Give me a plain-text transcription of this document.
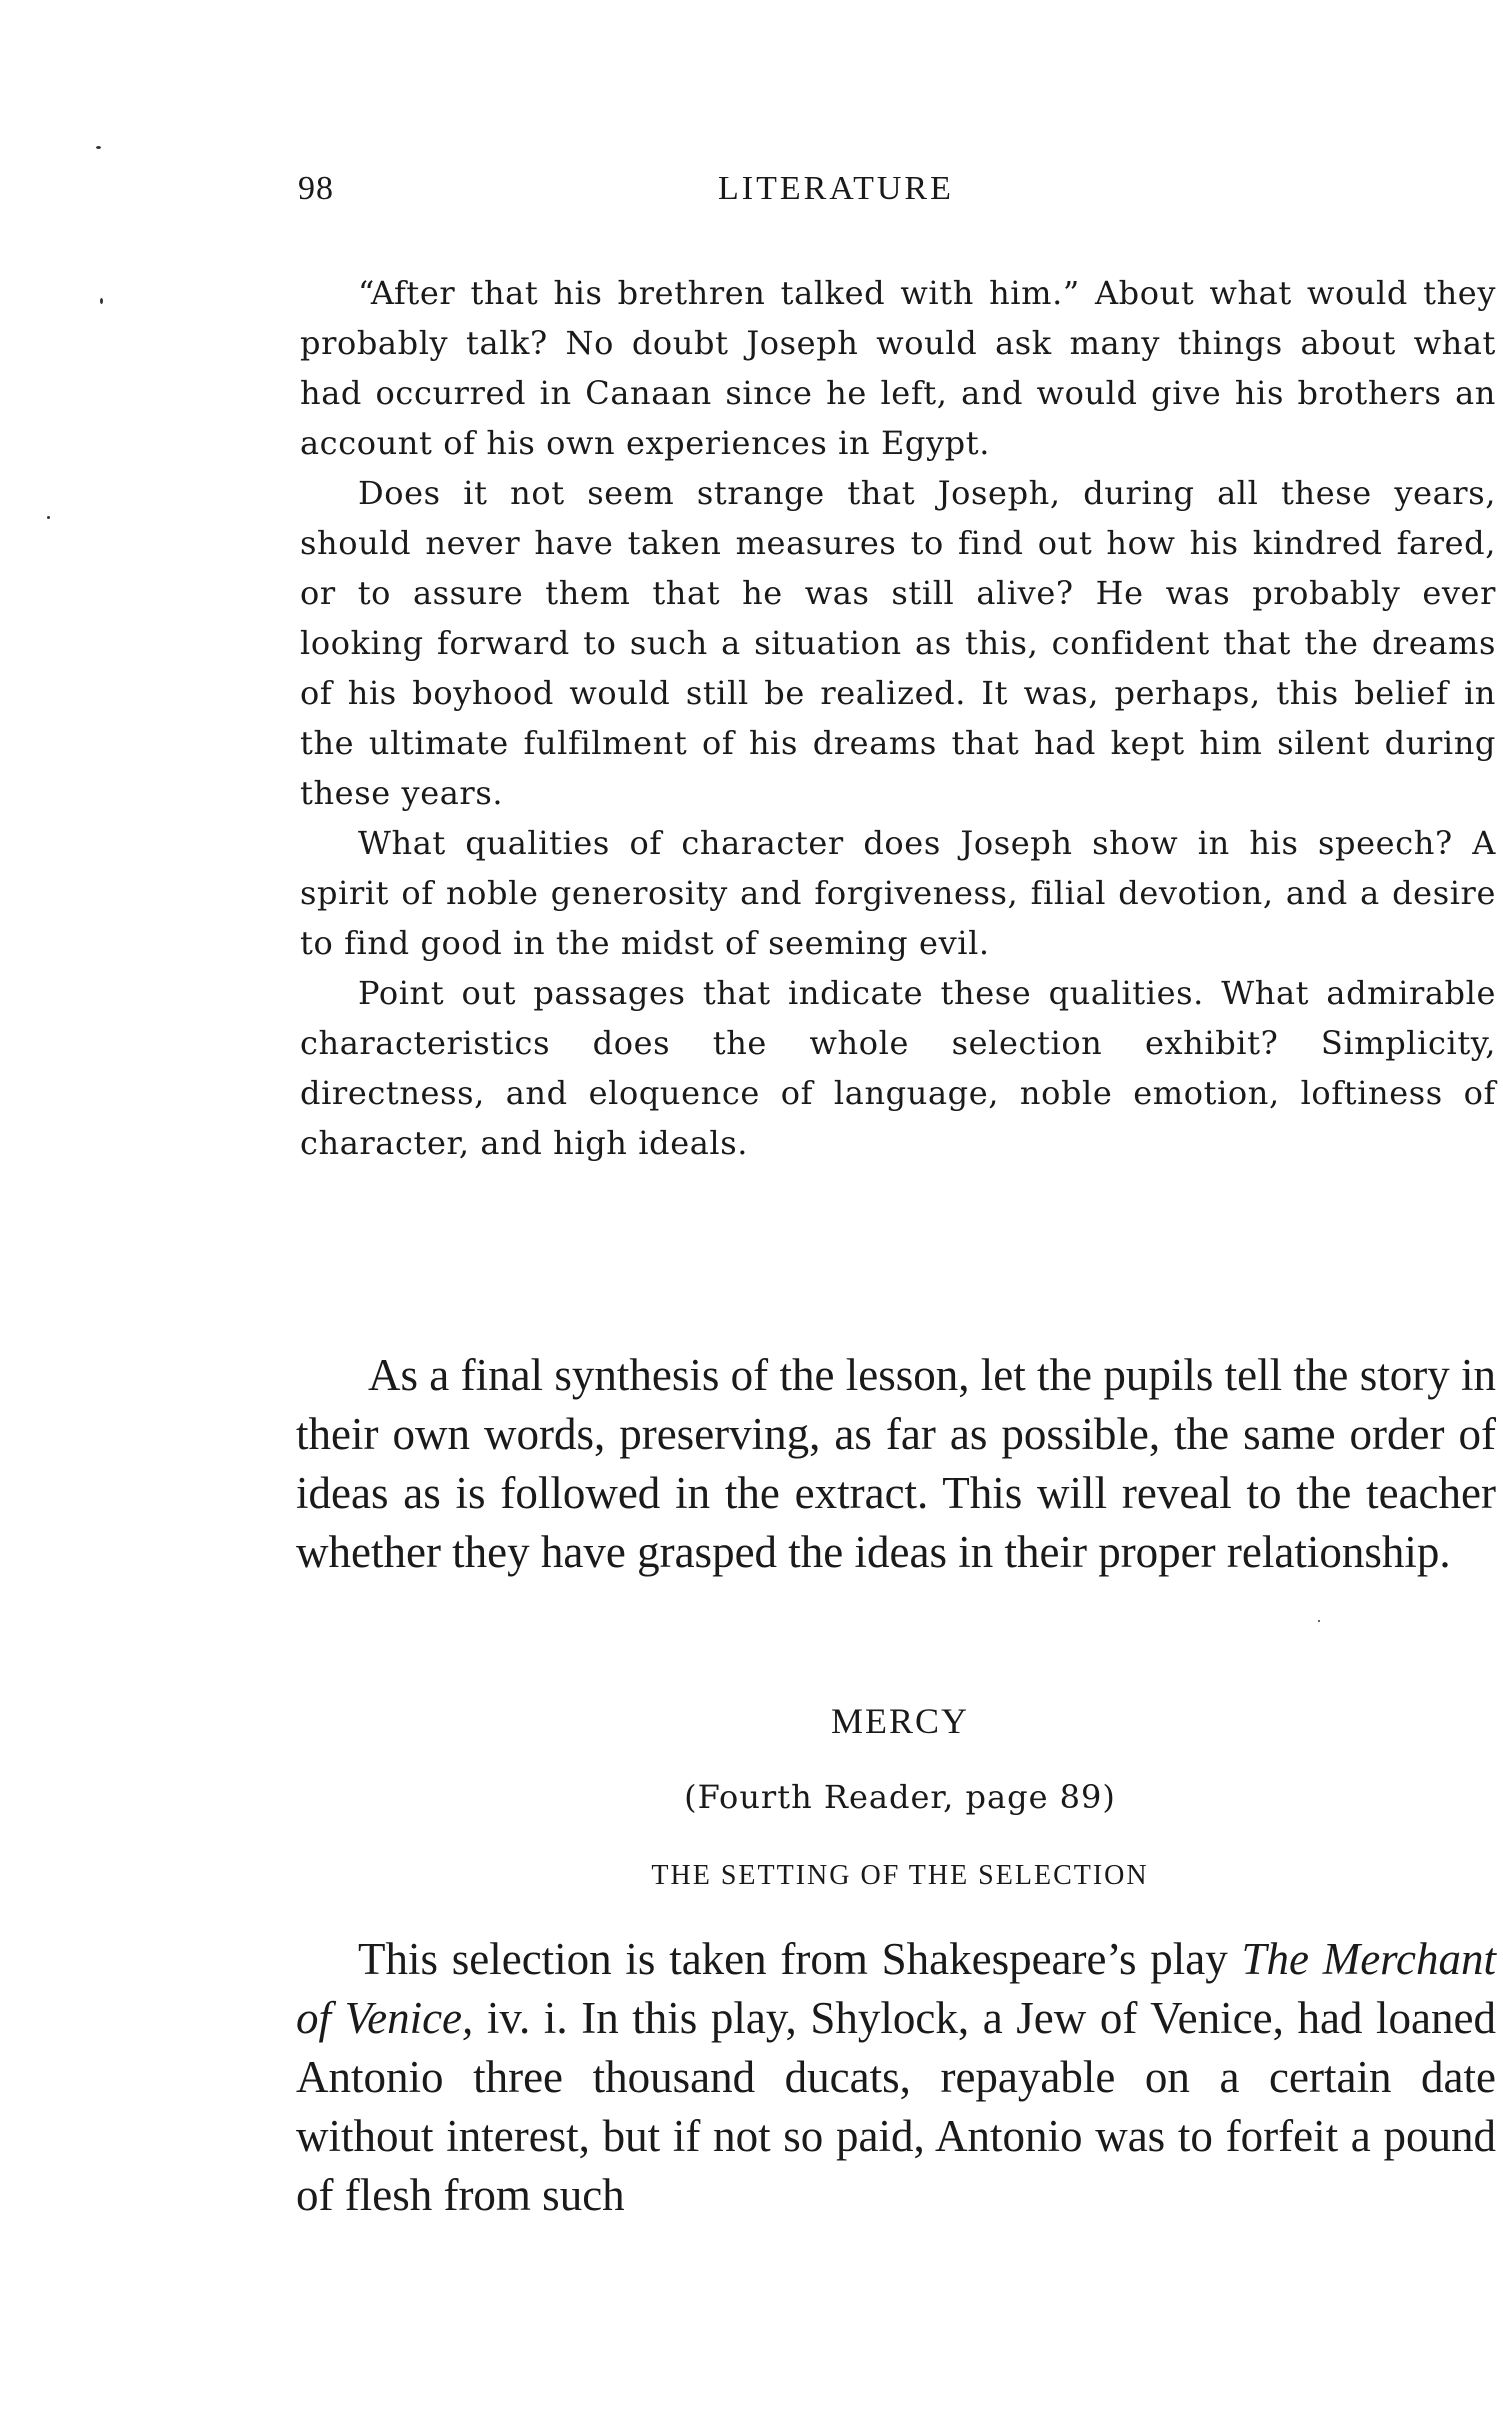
98	LITERATURE

“After that his brethren talked with him.” About what would they probably talk? No doubt Joseph would ask many things about what had occurred in Canaan since he left, and would give his brothers an account of his own experiences in Egypt.

Does it not seem strange that Joseph, during all these years, should never have taken measures to find out how his kindred fared, or to assure them that he was still alive? He was probably ever looking forward to such a situation as this, confident that the dreams of his boyhood would still be realized. It was, perhaps, this belief in the ultimate fulfilment of his dreams that had kept him silent during these years.

What qualities of character does Joseph show in his speech? A spirit of noble generosity and forgiveness, filial devotion, and a desire to find good in the midst of seeming evil.

Point out passages that indicate these qualities. What admirable characteristics does the whole selection exhibit? Simplicity, directness, and eloquence of language, noble emotion, loftiness of character, and high ideals.

As a final synthesis of the lesson, let the pupils tell the story in their own words, preserving, as far as possible, the same order of ideas as is followed in the extract. This will reveal to the teacher whether they have grasped the ideas in their proper relationship.

MERCY
(Fourth Reader, page 89)
THE SETTING OF THE SELECTION

This selection is taken from Shakespeare’s play The Merchant of Venice, iv. i. In this play, Shylock, a Jew of Venice, had loaned Antonio three thousand ducats, repayable on a certain date without interest, but if not so paid, Antonio was to forfeit a pound of flesh from such
